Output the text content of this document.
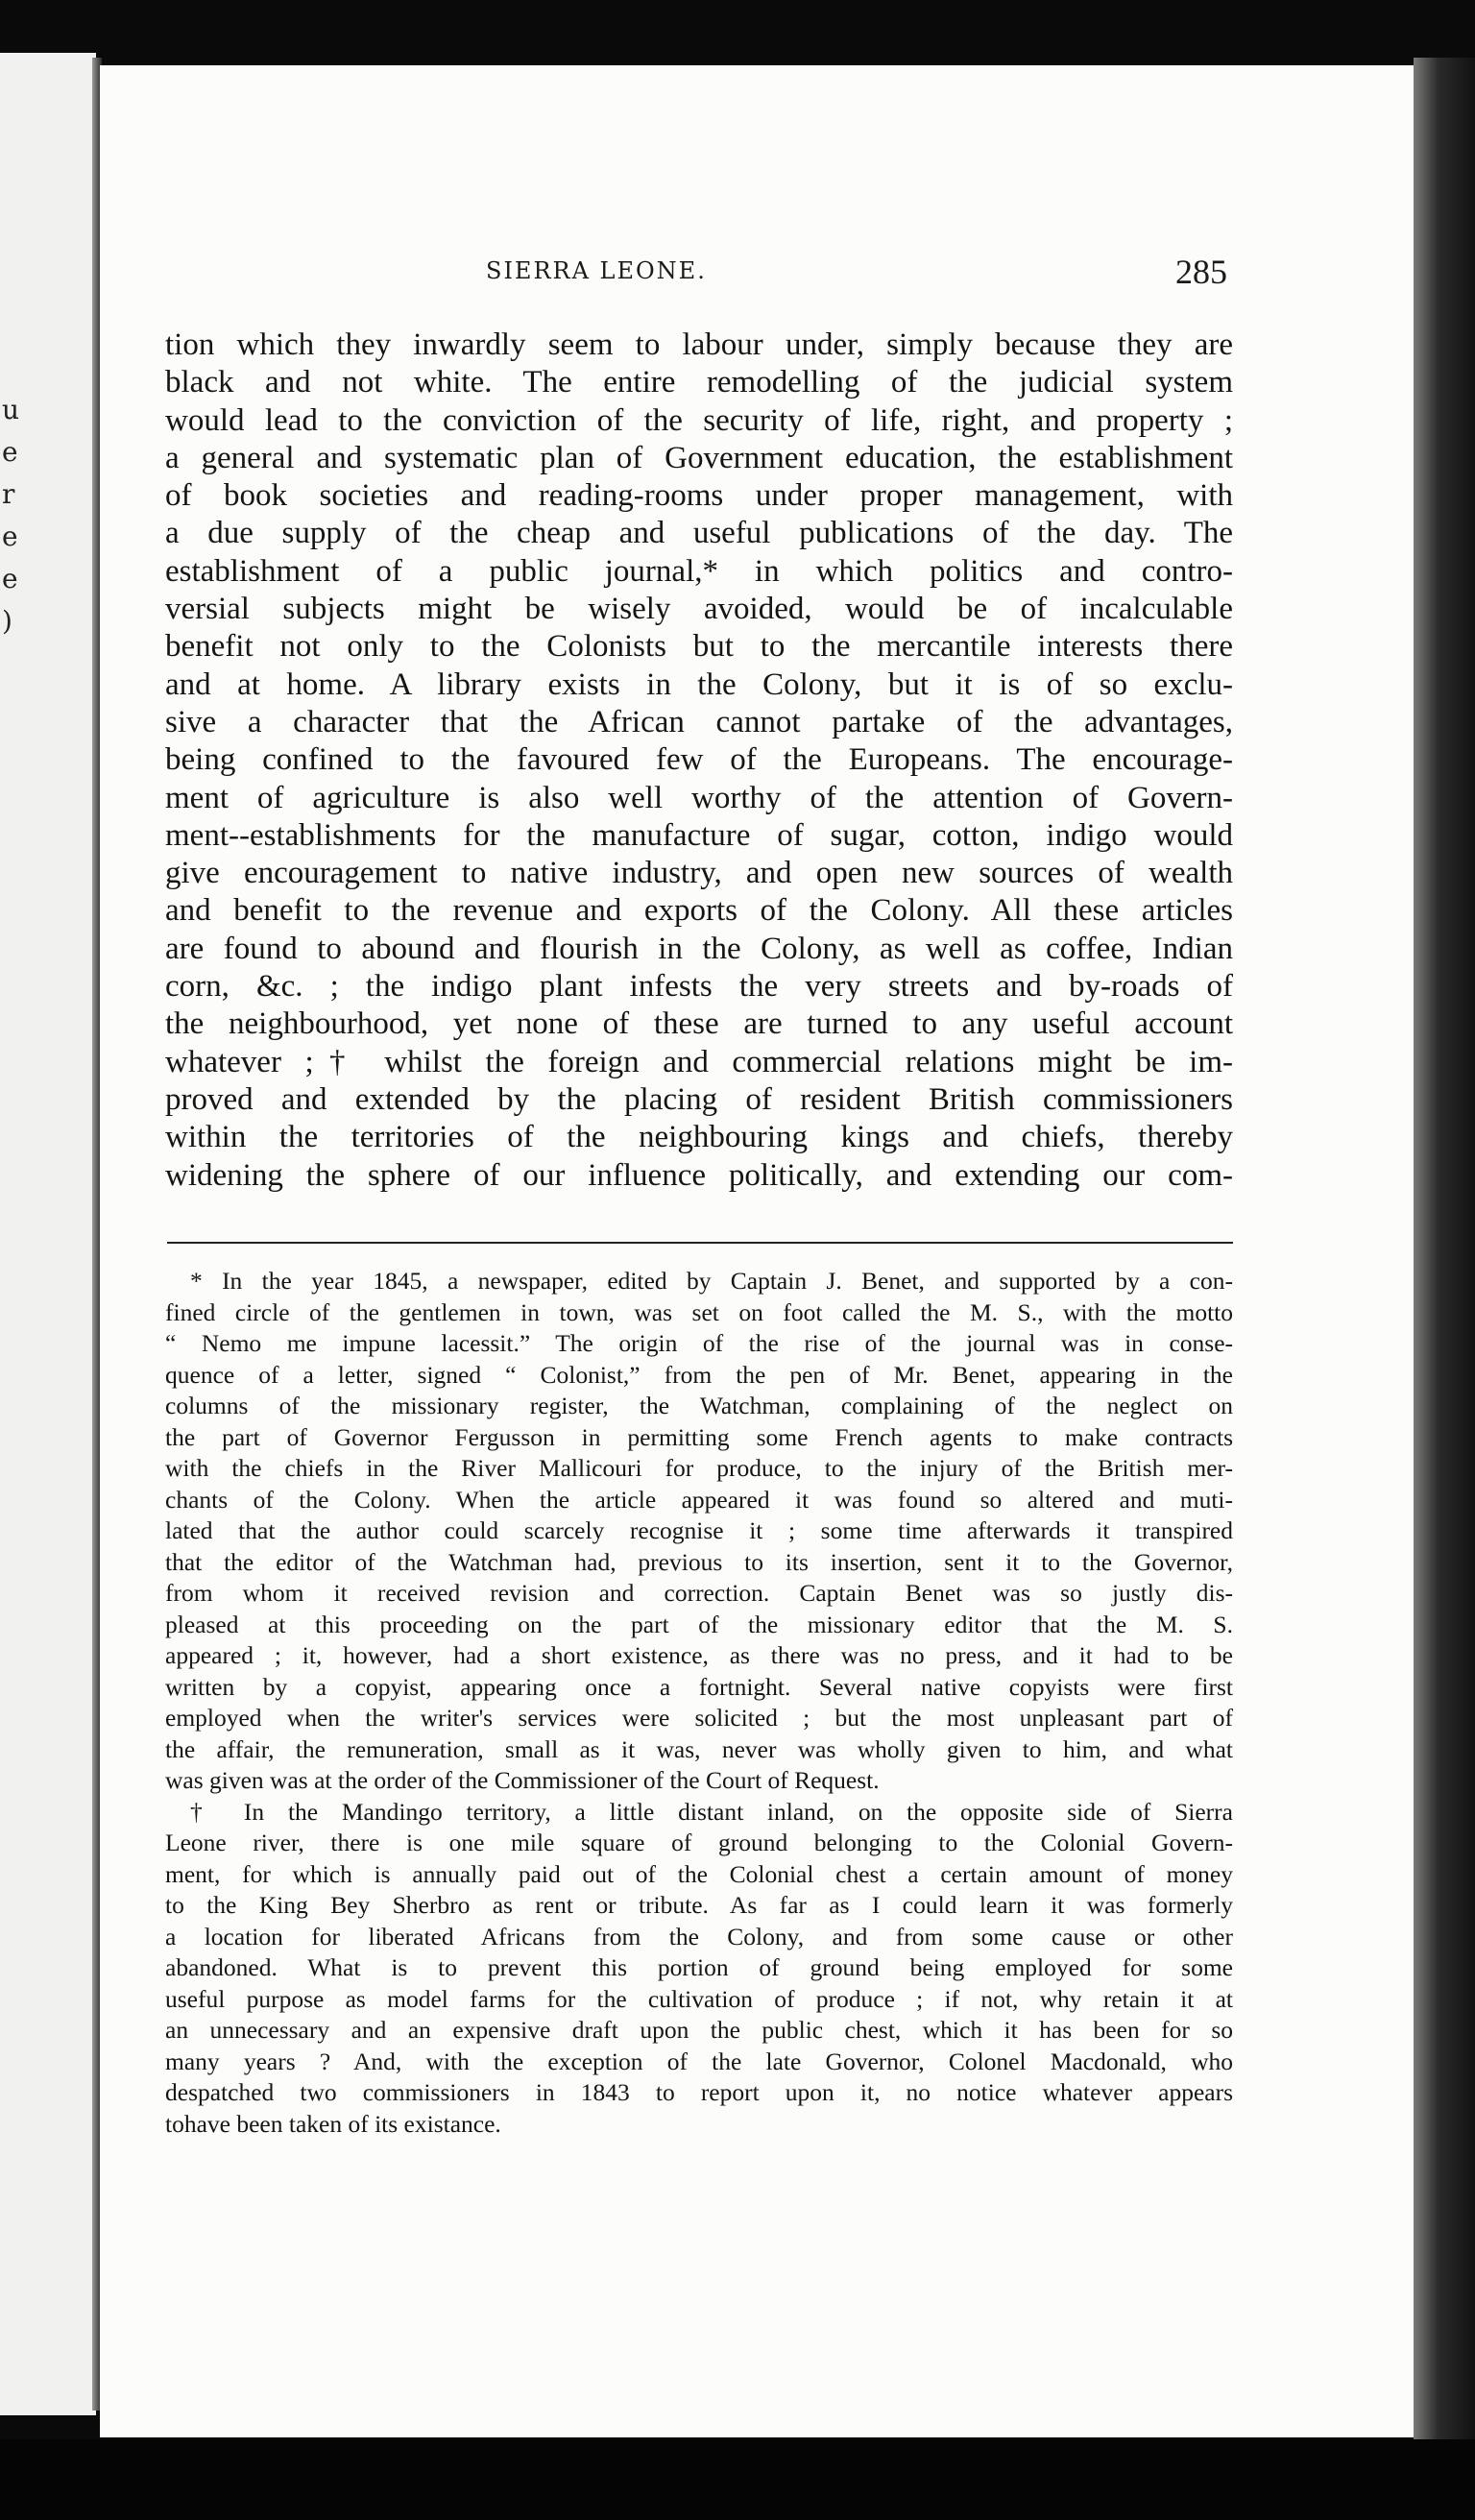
u
e
r
e
e
)
SIERRA LEONE.	285
tion which they inwardly seem to labour under, simply because they are
black and not white. The entire remodelling of the judicial system
would lead to the conviction of the security of life, right, and property ;
a general and systematic plan of Government education, the establishment
of book societies and reading-rooms under proper management, with
a due supply of the cheap and useful publications of the day. The
establishment of a public journal,* in which politics and contro-
versial subjects might be wisely avoided, would be of incalculable
benefit not only to the Colonists but to the mercantile interests there
and at home. A library exists in the Colony, but it is of so exclu-
sive a character that the African cannot partake of the advantages,
being confined to the favoured few of the Europeans. The encourage-
ment of agriculture is also well worthy of the attention of Govern-
ment--establishments for the manufacture of sugar, cotton, indigo would
give encouragement to native industry, and open new sources of wealth
and benefit to the revenue and exports of the Colony. All these articles
are found to abound and flourish in the Colony, as well as coffee, Indian
corn, &c. ; the indigo plant infests the very streets and by-roads of
the neighbourhood, yet none of these are turned to any useful account
whatever ;† whilst the foreign and commercial relations might be im-
proved and extended by the placing of resident British commissioners
within the territories of the neighbouring kings and chiefs, thereby
widening the sphere of our influence politically, and extending our com-
* In the year 1845, a newspaper, edited by Captain J. Benet, and supported by a con-
fined circle of the gentlemen in town, was set on foot called the M. S., with the motto
“ Nemo me impune lacessit.” The origin of the rise of the journal was in conse-
quence of a letter, signed “ Colonist,” from the pen of Mr. Benet, appearing in the
columns of the missionary register, the Watchman, complaining of the neglect on
the part of Governor Fergusson in permitting some French agents to make contracts
with the chiefs in the River Mallicouri for produce, to the injury of the British mer-
chants of the Colony. When the article appeared it was found so altered and muti-
lated that the author could scarcely recognise it ; some time afterwards it transpired
that the editor of the Watchman had, previous to its insertion, sent it to the Governor,
from whom it received revision and correction. Captain Benet was so justly dis-
pleased at this proceeding on the part of the missionary editor that the M. S.
appeared ; it, however, had a short existence, as there was no press, and it had to be
written by a copyist, appearing once a fortnight. Several native copyists were first
employed when the writer's services were solicited ; but the most unpleasant part of
the affair, the remuneration, small as it was, never was wholly given to him, and what
was given was at the order of the Commissioner of the Court of Request.
† In the Mandingo territory, a little distant inland, on the opposite side of Sierra
Leone river, there is one mile square of ground belonging to the Colonial Govern-
ment, for which is annually paid out of the Colonial chest a certain amount of money
to the King Bey Sherbro as rent or tribute. As far as I could learn it was formerly
a location for liberated Africans from the Colony, and from some cause or other
abandoned. What is to prevent this portion of ground being employed for some
useful purpose as model farms for the cultivation of produce ; if not, why retain it at
an unnecessary and an expensive draft upon the public chest, which it has been for so
many years ? And, with the exception of the late Governor, Colonel Macdonald, who
despatched two commissioners in 1843 to report upon it, no notice whatever appears
tohave been taken of its existance.
